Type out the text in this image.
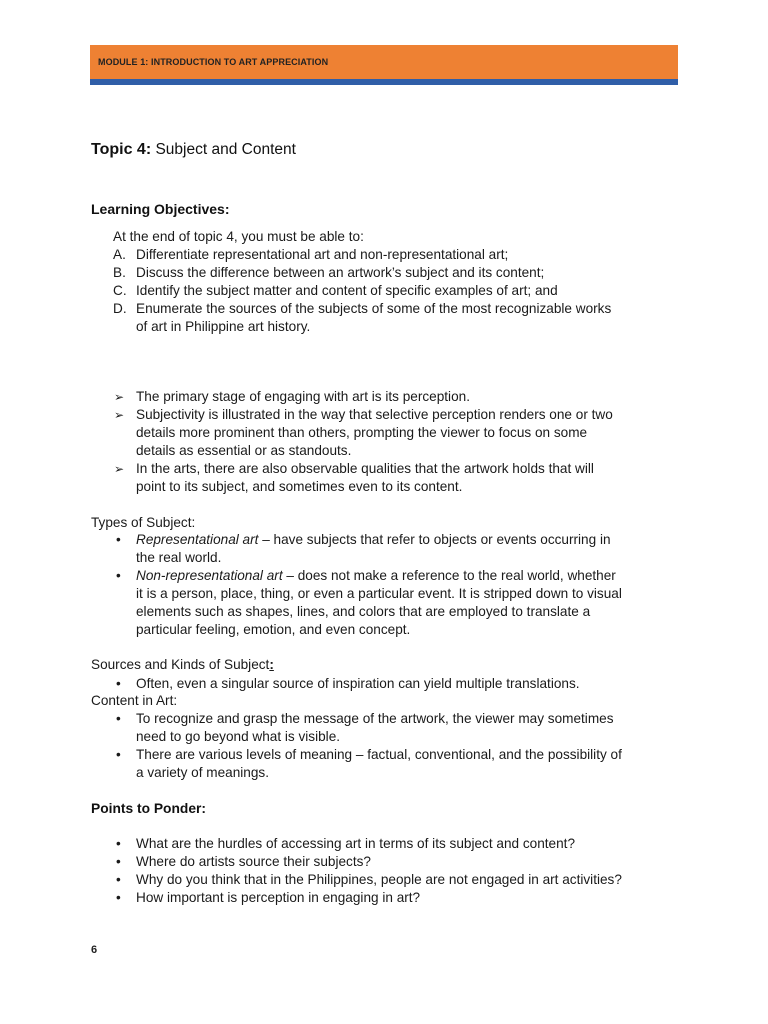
MODULE 1: INTRODUCTION TO ART APPRECIATION
Topic 4: Subject and Content
Learning Objectives:
At the end of topic 4, you must be able to:
A. Differentiate representational art and non-representational art;
B. Discuss the difference between an artwork’s subject and its content;
C. Identify the subject matter and content of specific examples of art; and
D. Enumerate the sources of the subjects of some of the most recognizable works
of art in Philippine art history.
➢ The primary stage of engaging with art is its perception.
➢ Subjectivity is illustrated in the way that selective perception renders one or two
details more prominent than others, prompting the viewer to focus on some
details as essential or as standouts.
➢ In the arts, there are also observable qualities that the artwork holds that will
point to its subject, and sometimes even to its content.
Types of Subject:
• Representational art – have subjects that refer to objects or events occurring in
the real world.
• Non-representational art – does not make a reference to the real world, whether
it is a person, place, thing, or even a particular event. It is stripped down to visual
elements such as shapes, lines, and colors that are employed to translate a
particular feeling, emotion, and even concept.
Sources and Kinds of Subject:
• Often, even a singular source of inspiration can yield multiple translations.
Content in Art:
• To recognize and grasp the message of the artwork, the viewer may sometimes
need to go beyond what is visible.
• There are various levels of meaning – factual, conventional, and the possibility of
a variety of meanings.
Points to Ponder:
• What are the hurdles of accessing art in terms of its subject and content?
• Where do artists source their subjects?
• Why do you think that in the Philippines, people are not engaged in art activities?
• How important is perception in engaging in art?
6
